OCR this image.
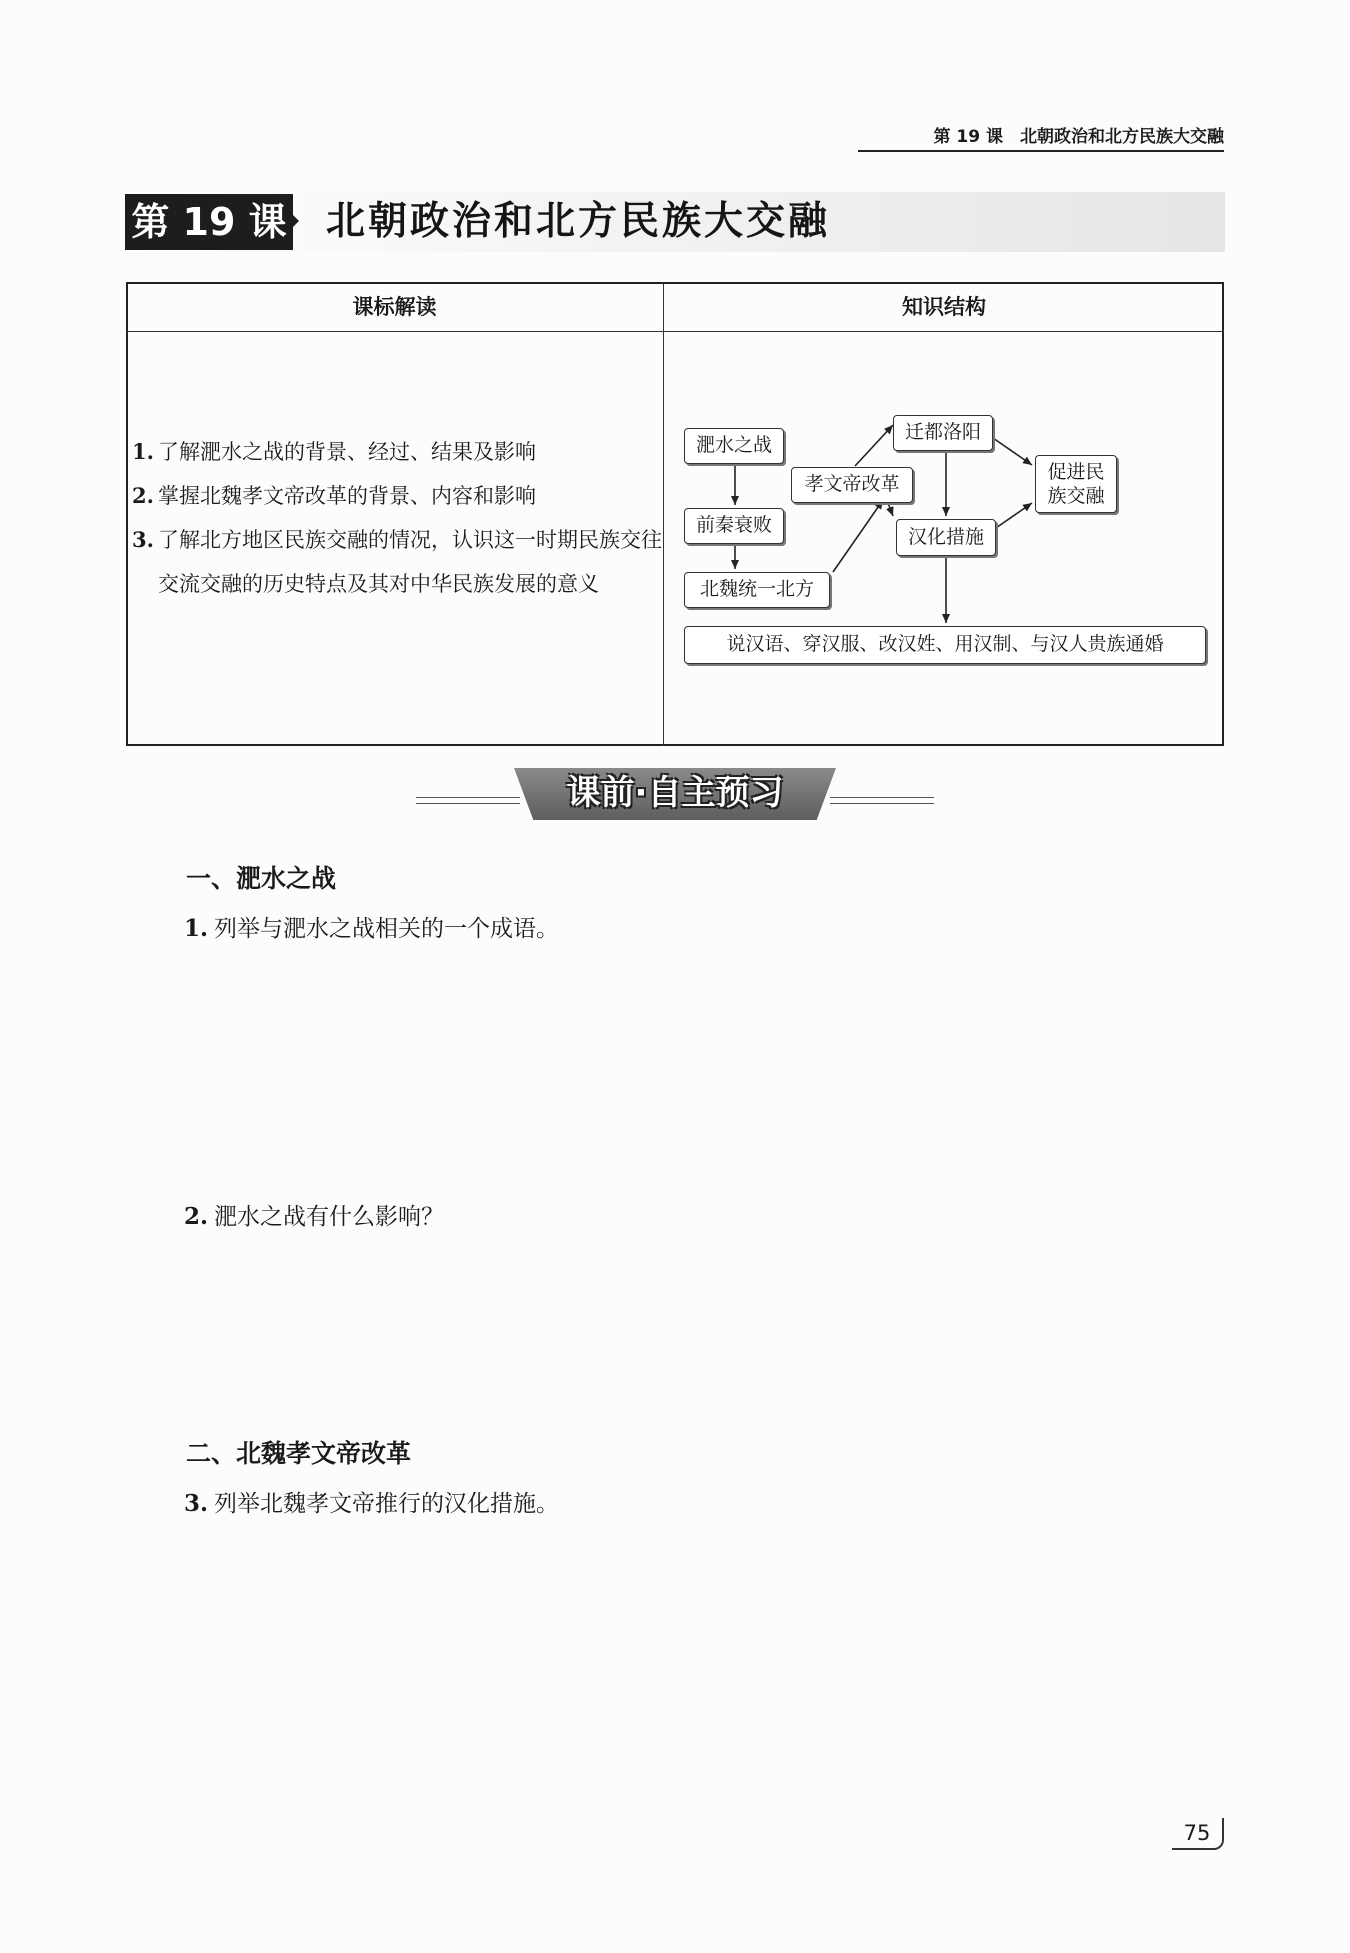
第 19 课　北朝政治和北方民族大交融
第 19 课 北朝政治和北方民族大交融
课标解读	知识结构
1. 了解淝水之战的背景、经过、结果及影响
2. 掌握北魏孝文帝改革的背景、内容和影响
3. 了解北方地区民族交融的情况，认识这一时期民族交往交流交融的历史特点及其对中华民族发展的意义
淝水之战
前秦衰败
北魏统一北方
孝文帝改革
迁都洛阳
汉化措施
促进民
族交融
说汉语、穿汉服、改汉姓、用汉制、与汉人贵族通婚
课前·自主预习
一、淝水之战
1. 列举与淝水之战相关的一个成语。
2. 淝水之战有什么影响？
二、北魏孝文帝改革
3. 列举北魏孝文帝推行的汉化措施。
75
